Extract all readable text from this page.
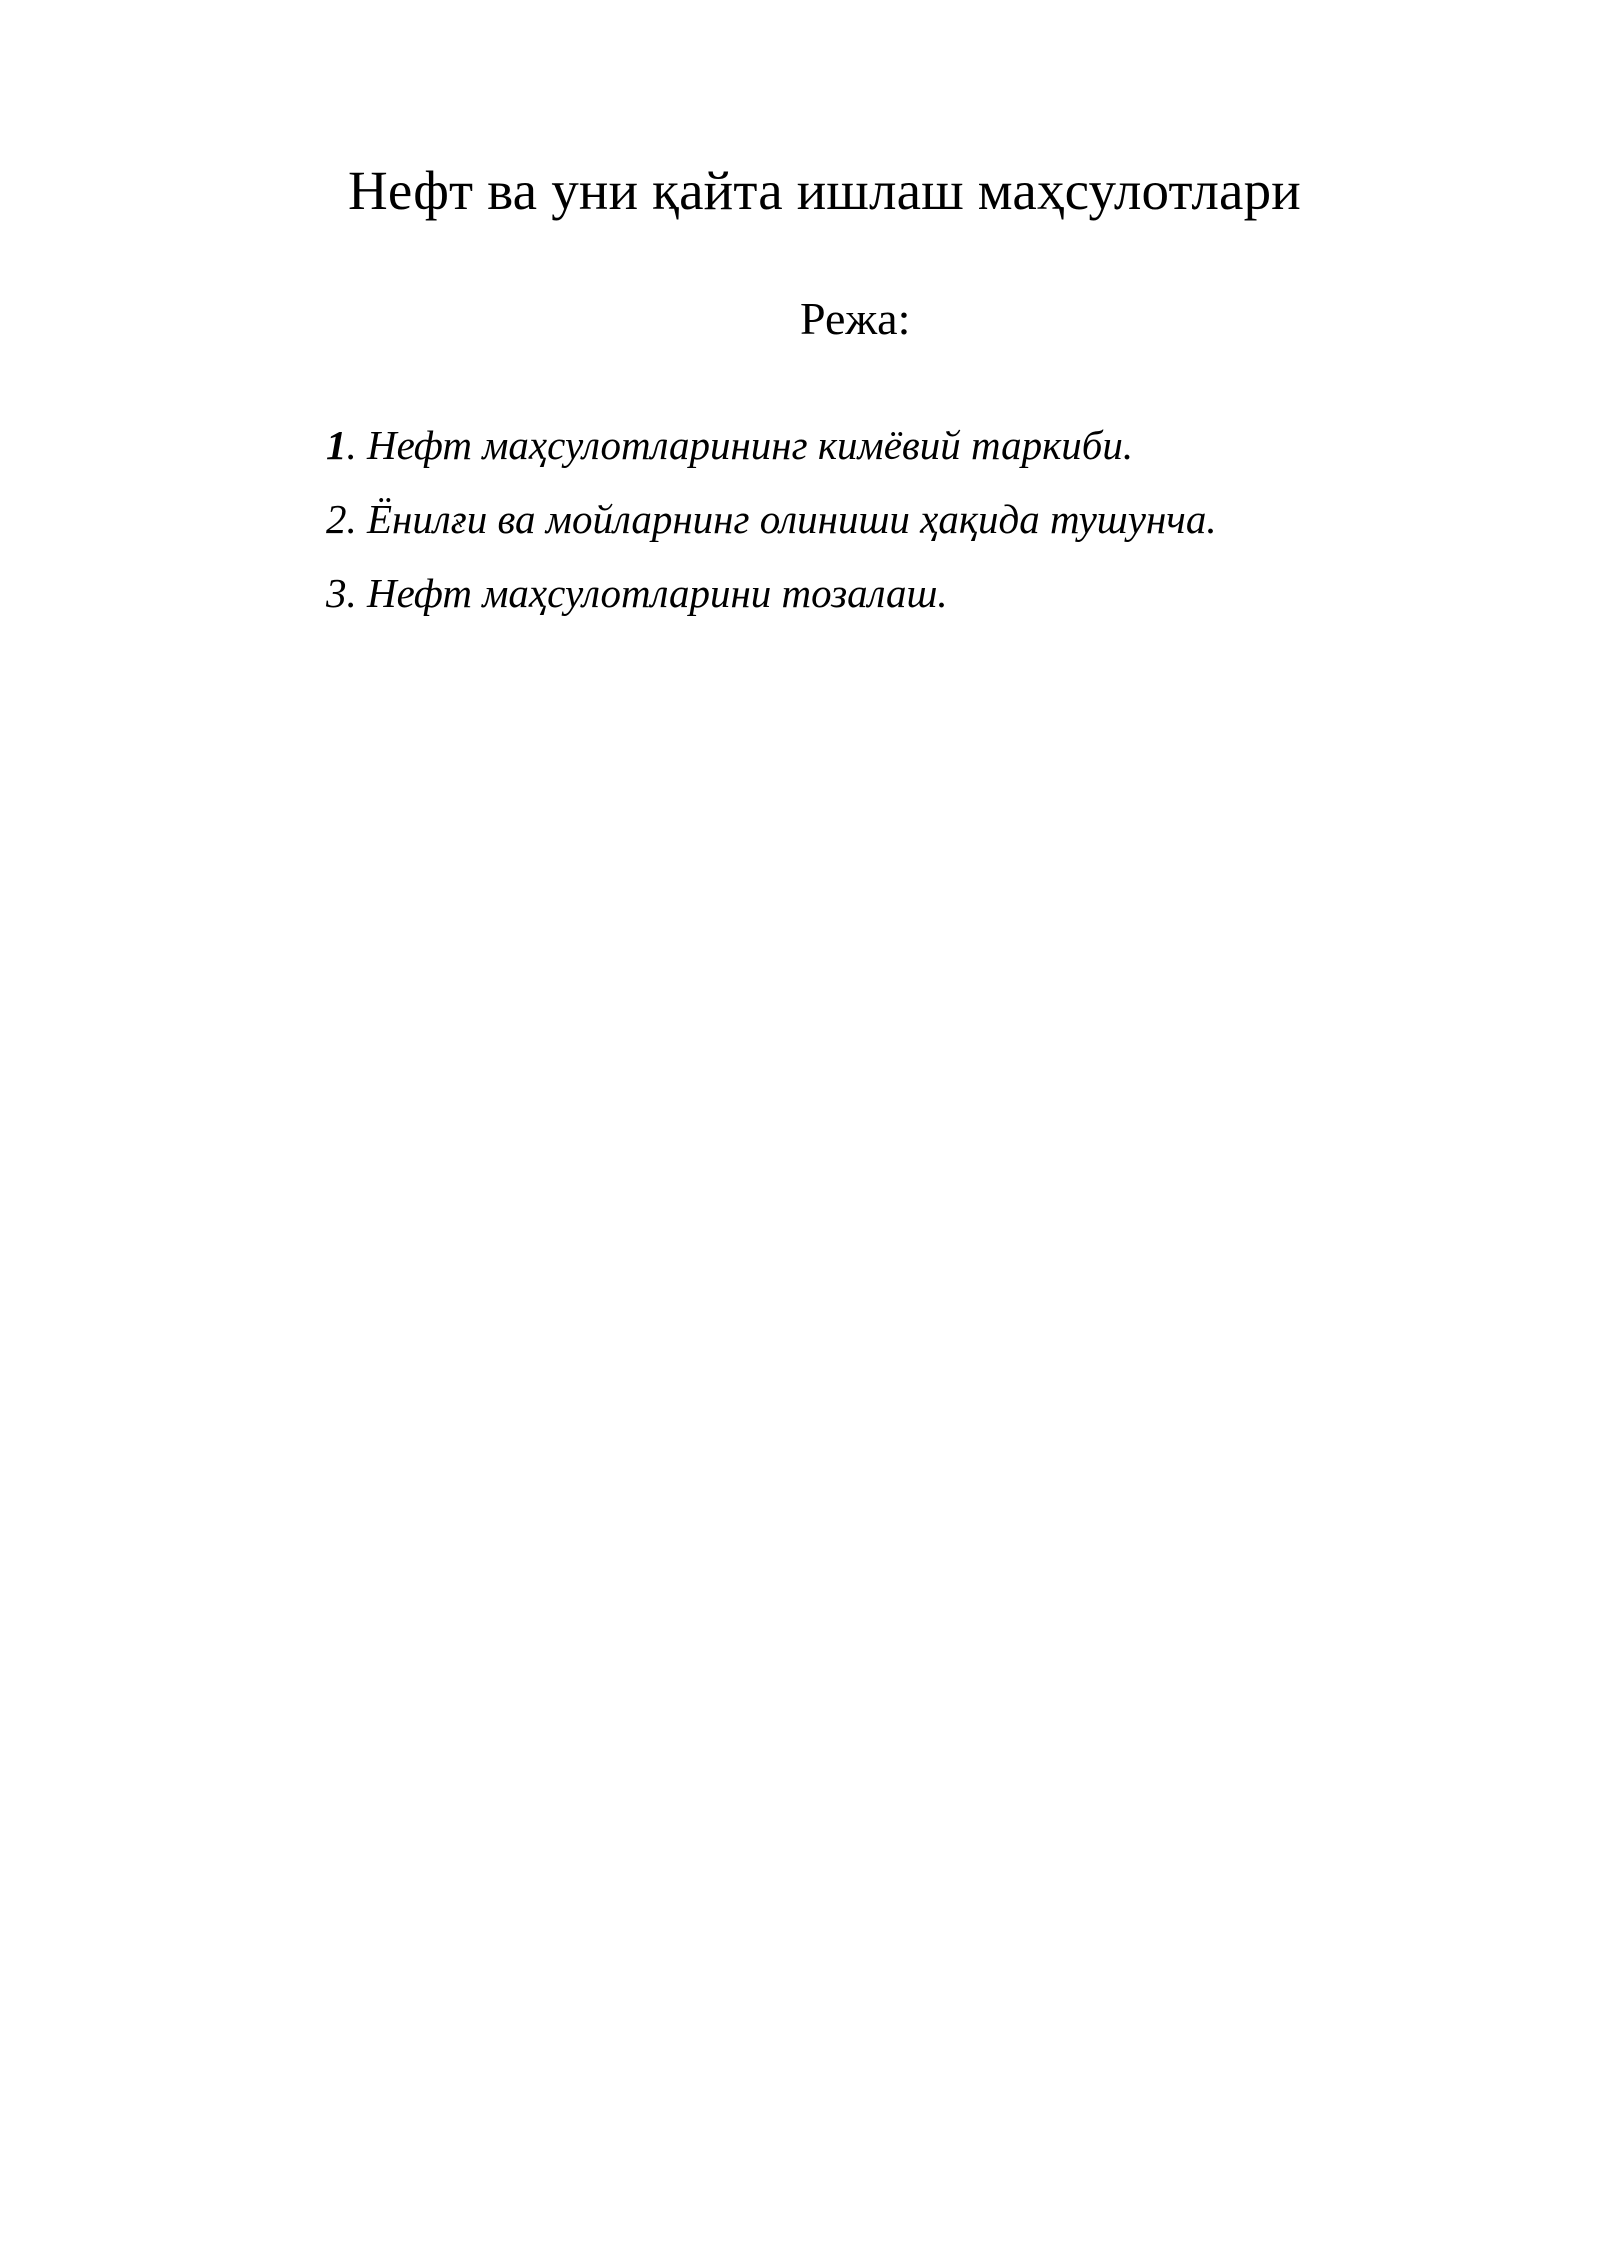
Нефт ва уни қайта ишлаш маҳсулотлари
Режа:
1. Нефт маҳсулотларининг кимёвий таркиби.
2. Ёнилғи ва мойларнинг олиниши ҳақида тушунча.
3. Нефт маҳсулотларини тозалаш.
